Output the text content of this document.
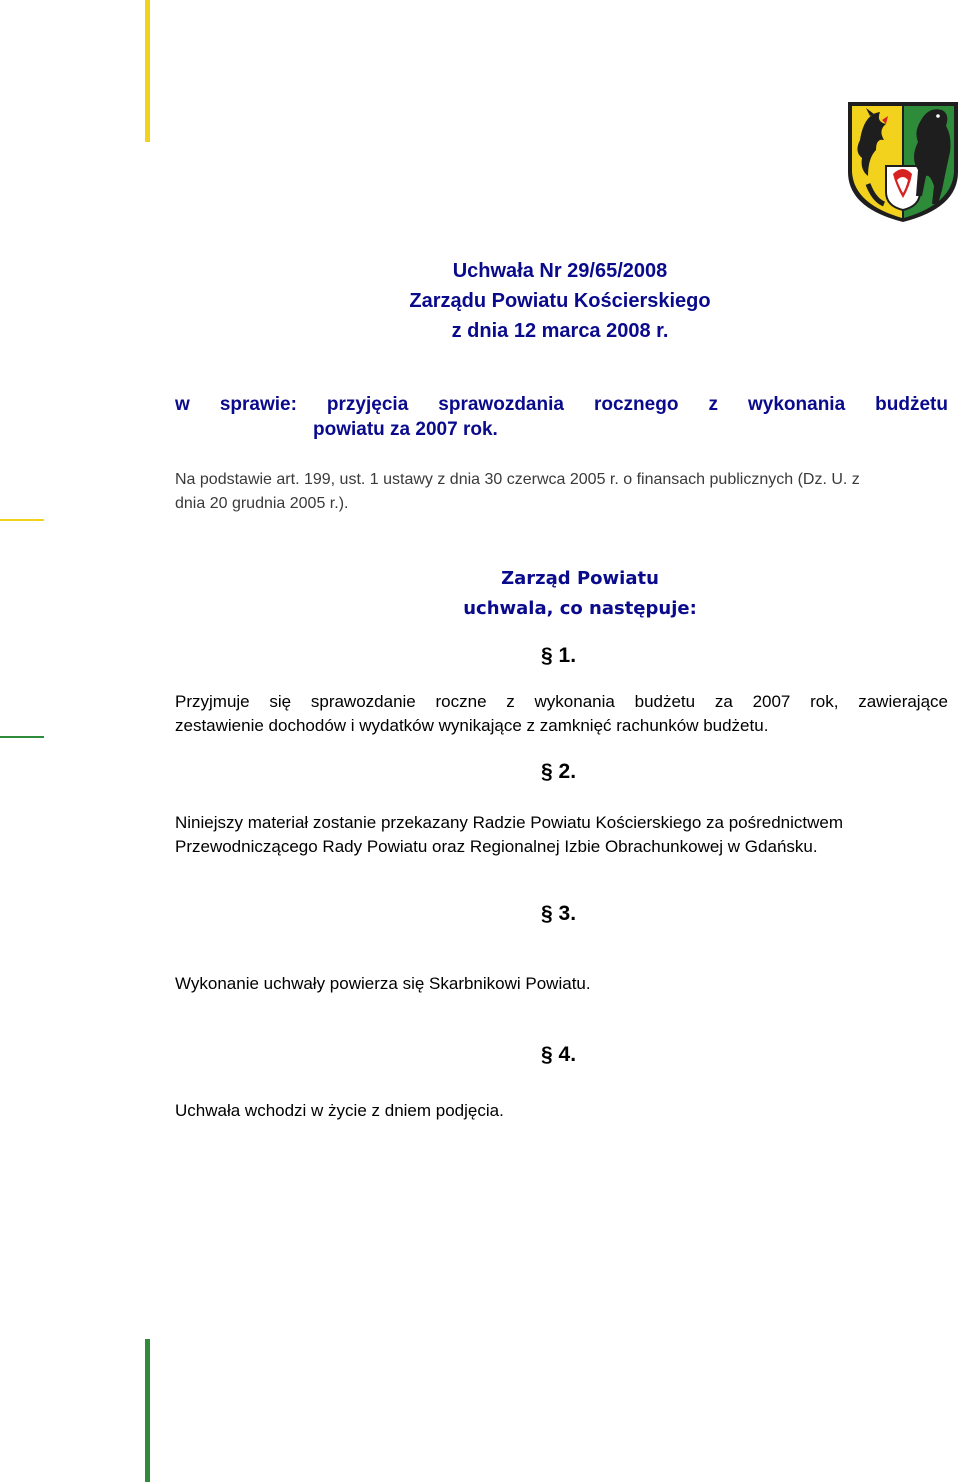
Uchwała Nr 29/65/2008
Zarządu Powiatu Kościerskiego
z dnia 12 marca 2008 r.
w sprawie: przyjęcia sprawozdania rocznego z wykonania budżetu
powiatu za 2007 rok.
Na podstawie art. 199, ust. 1 ustawy z dnia 30 czerwca 2005 r. o finansach publicznych (Dz. U. z
dnia 20 grudnia 2005 r.).
Zarząd Powiatu
uchwala, co następuje:
§ 1.
Przyjmuje się sprawozdanie roczne z wykonania budżetu za 2007 rok, zawierające
zestawienie dochodów i wydatków wynikające z zamknięć rachunków budżetu.
§ 2.
Niniejszy materiał zostanie przekazany Radzie Powiatu Kościerskiego za pośrednictwem
Przewodniczącego Rady Powiatu oraz Regionalnej Izbie Obrachunkowej w Gdańsku.
§ 3.
Wykonanie uchwały powierza się Skarbnikowi Powiatu.
§ 4.
Uchwała wchodzi w życie z dniem podjęcia.
